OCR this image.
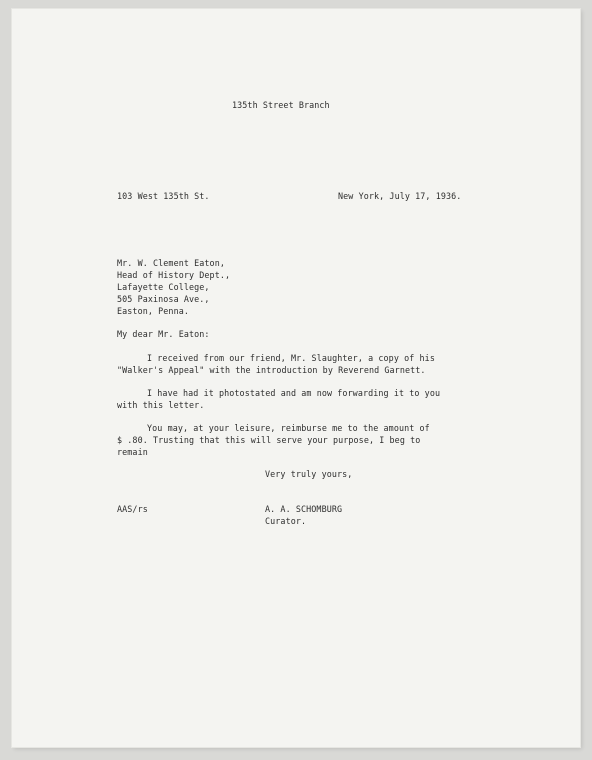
135th Street Branch
103 West 135th St.	New York, July 17, 1936.
Mr. W. Clement Eaton,
Head of History Dept.,
Lafayette College,
505 Paxinosa Ave.,
Easton, Penna.
My dear Mr. Eaton:
I received from our friend, Mr. Slaughter, a copy of his
"Walker's Appeal" with the introduction by Reverend Garnett.
I have had it photostated and am now forwarding it to you
with this letter.
You may, at your leisure, reimburse me to the amount of
$ .80. Trusting that this will serve your purpose, I beg to
remain
Very truly yours,
AAS/rs	A. A. SCHOMBURG
Curator.
